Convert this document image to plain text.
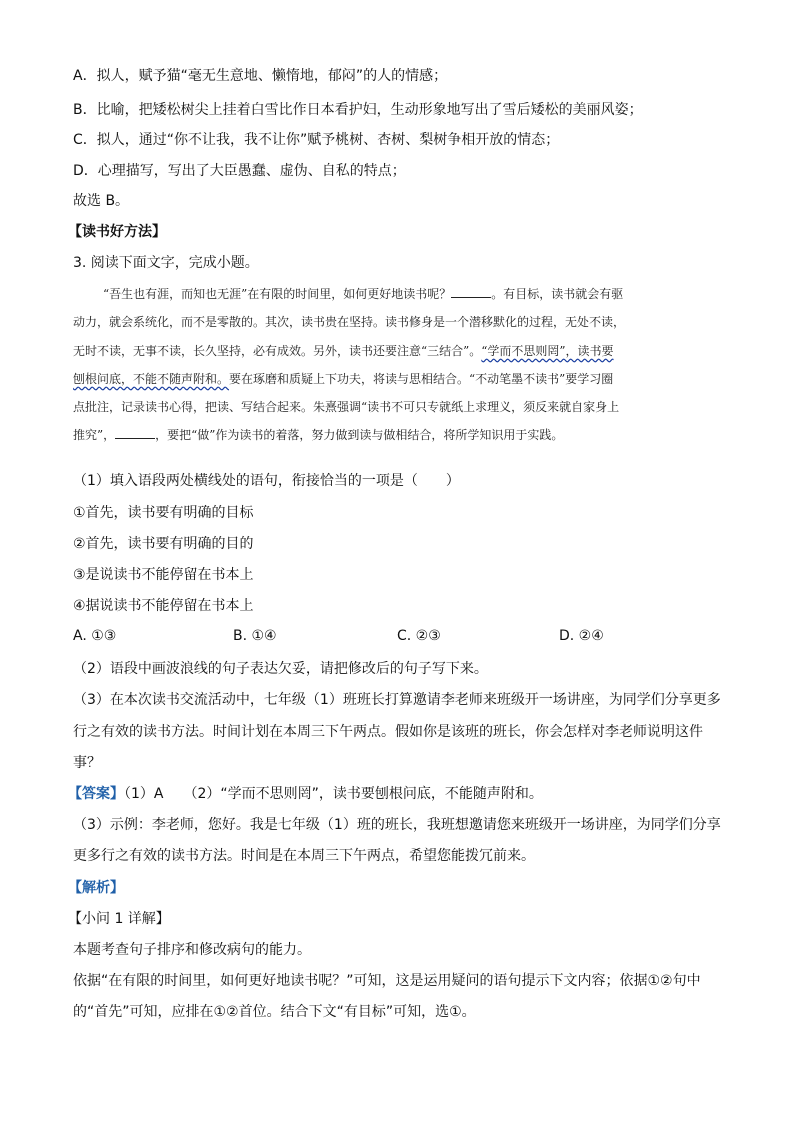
A．拟人，赋予猫“毫无生意地、懒惰地，郁闷”的人的情感；
B．比喻，把矮松树尖上挂着白雪比作日本看护妇，生动形象地写出了雪后矮松的美丽风姿；
C．拟人，通过“你不让我，我不让你”赋予桃树、杏树、梨树争相开放的情态；
D．心理描写，写出了大臣愚蠢、虚伪、自私的特点；
故选 B。
【读书好方法】
3. 阅读下面文字，完成小题。
“吾生也有涯，而知也无涯”在有限的时间里，如何更好地读书呢？	。有目标，读书就会有驱
动力，就会系统化，而不是零散的。其次，读书贵在坚持。读书修身是一个潜移默化的过程，无处不读，
无时不读，无事不读，长久坚持，必有成效。另外，读书还要注意“三结合”。“学而不思则罔”，读书要
刨根问底，不能不随声附和。要在琢磨和质疑上下功夫，将读与思相结合。“不动笔墨不读书”要学习圈
点批注，记录读书心得，把读、写结合起来。朱熹强调“读书不可只专就纸上求理义，须反来就自家身上
推究”，	，要把“做”作为读书的着落，努力做到读与做相结合，将所学知识用于实践。
（1）填入语段两处横线处的语句，衔接恰当的一项是（　　）
①首先，读书要有明确的目标
②首先，读书要有明确的目的
③是说读书不能停留在书本上
④据说读书不能停留在书本上
A. ①③	B. ①④	C. ②③	D. ②④
（2）语段中画波浪线的句子表达欠妥，请把修改后的句子写下来。
（3）在本次读书交流活动中，七年级（1）班班长打算邀请李老师来班级开一场讲座，为同学们分享更多
行之有效的读书方法。时间计划在本周三下午两点。假如你是该班的班长，你会怎样对李老师说明这件
事？
【答案】（1）A （2）“学而不思则罔”，读书要刨根问底，不能随声附和。
（3）示例：李老师，您好。我是七年级（1）班的班长，我班想邀请您来班级开一场讲座，为同学们分享
更多行之有效的读书方法。时间是在本周三下午两点，希望您能拨冗前来。
【解析】
【小问 1 详解】
本题考查句子排序和修改病句的能力。
依据“在有限的时间里，如何更好地读书呢？”可知，这是运用疑问的语句提示下文内容；依据①②句中
的“首先”可知，应排在①②首位。结合下文“有目标”可知，选①。
